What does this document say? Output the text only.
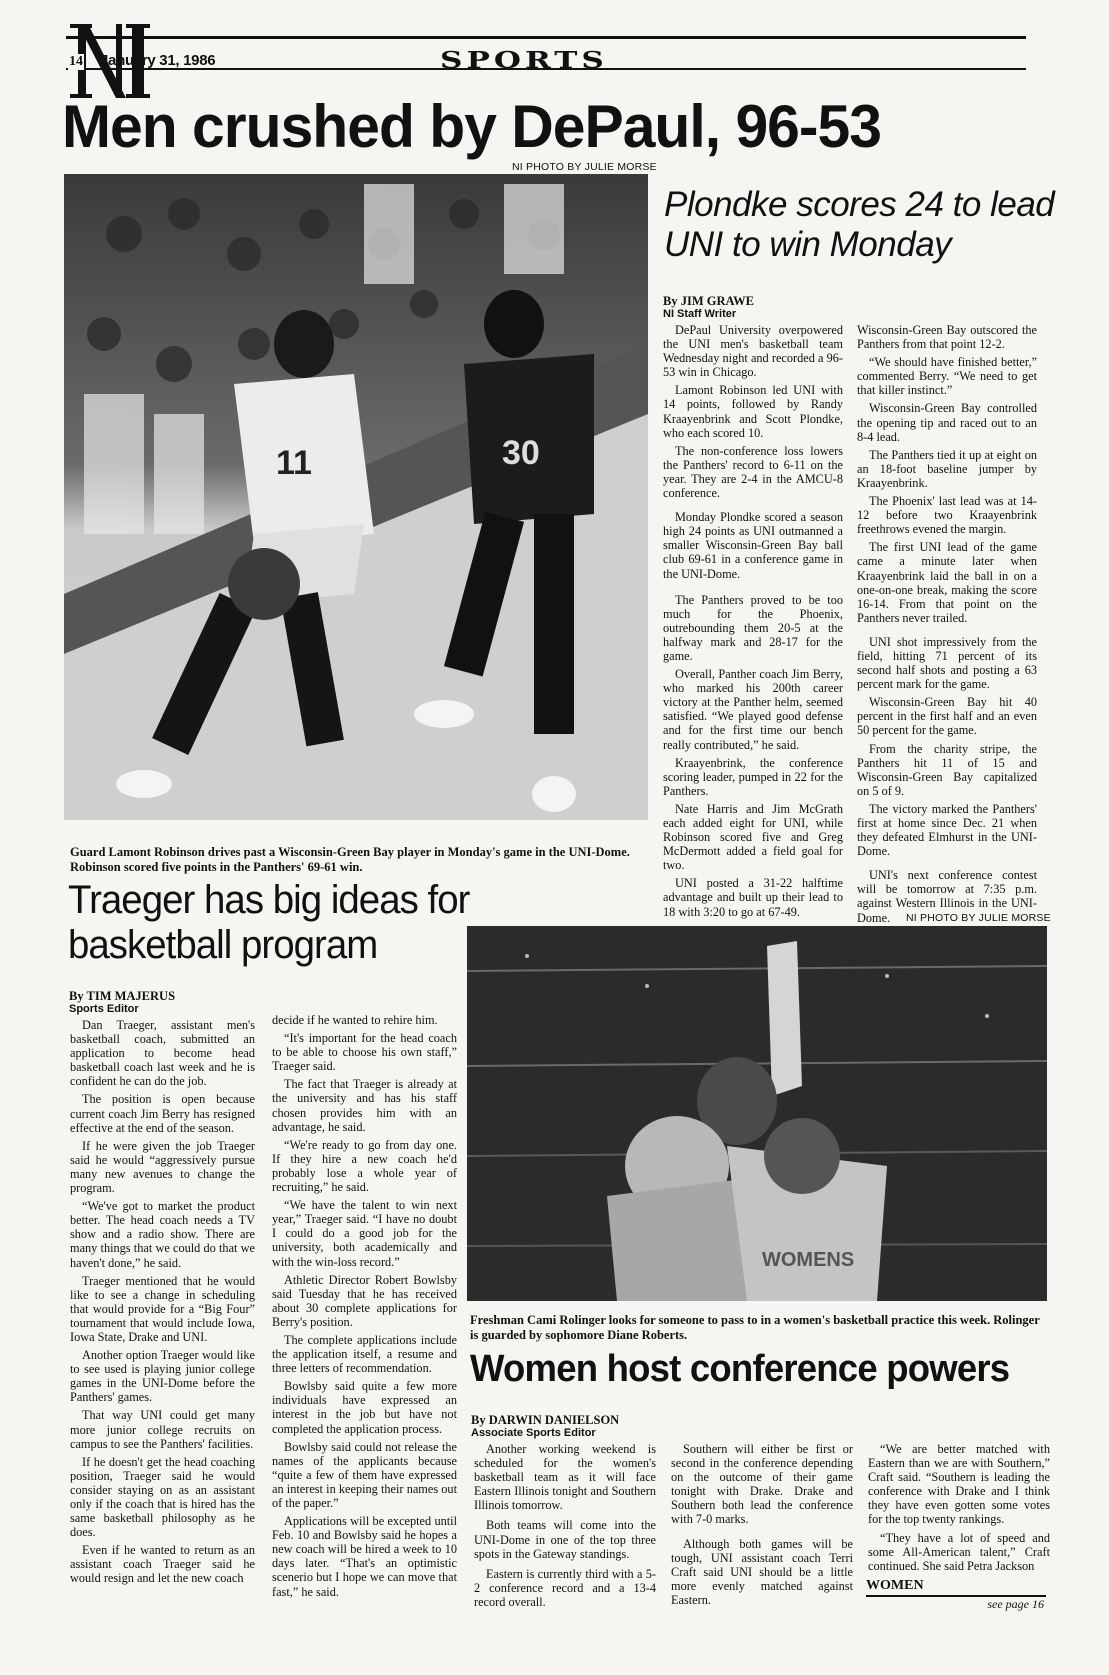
14 January 31, 1986	SPORTS
Men crushed by DePaul, 96-53
NI PHOTO BY JULIE MORSE
11	30
Guard Lamont Robinson drives past a Wisconsin-Green Bay player in Monday's game in the UNI-Dome. Robinson scored five points in the Panthers' 69-61 win.
Plondke scores 24 to lead UNI to win Monday
By JIM GRAWE
NI Staff Writer

DePaul University overpowered the UNI men's basketball team Wednesday night and recorded a 96-53 win in Chicago.

Lamont Robinson led UNI with 14 points, followed by Randy Kraayenbrink and Scott Plondke, who each scored 10.

The non-conference loss lowers the Panthers' record to 6-11 on the year. They are 2-4 in the AMCU-8 conference.

Monday Plondke scored a season high 24 points as UNI outmanned a smaller Wisconsin-Green Bay ball club 69-61 in a conference game in the UNI-Dome.

The Panthers proved to be too much for the Phoenix, outrebounding them 20-5 at the halfway mark and 28-17 for the game.

Overall, Panther coach Jim Berry, who marked his 200th career victory at the Panther helm, seemed satisfied. “We played good defense and for the first time our bench really contributed,” he said.

Kraayenbrink, the conference scoring leader, pumped in 22 for the Panthers.

Nate Harris and Jim McGrath each added eight for UNI, while Robinson scored five and Greg McDermott added a field goal for two.

UNI posted a 31-22 halftime advantage and built up their lead to 18 with 3:20 to go at 67-49.

Wisconsin-Green Bay outscored the Panthers from that point 12-2.

“We should have finished better,” commented Berry. “We need to get that killer instinct.”

Wisconsin-Green Bay controlled the opening tip and raced out to an 8-4 lead.

The Panthers tied it up at eight on an 18-foot baseline jumper by Kraayenbrink.

The Phoenix' last lead was at 14-12 before two Kraayenbrink freethrows evened the margin.

The first UNI lead of the game came a minute later when Kraayenbrink laid the ball in on a one-on-one break, making the score 16-14. From that point on the Panthers never trailed.

UNI shot impressively from the field, hitting 71 percent of its second half shots and posting a 63 percent mark for the game.

Wisconsin-Green Bay hit 40 percent in the first half and an even 50 percent for the game.

From the charity stripe, the Panthers hit 11 of 15 and Wisconsin-Green Bay capitalized on 5 of 9.

The victory marked the Panthers' first at home since Dec. 21 when they defeated Elmhurst in the UNI-Dome.

UNI's next conference contest will be tomorrow at 7:35 p.m. against Western Illinois in the UNI-Dome.

Traeger has big ideas for basketball program
By TIM MAJERUS
Sports Editor

Dan Traeger, assistant men's basketball coach, submitted an application to become head basketball coach last week and he is confident he can do the job.

The position is open because current coach Jim Berry has resigned effective at the end of the season.

If he were given the job Traeger said he would “aggressively pursue many new avenues to change the program.

“We've got to market the product better. The head coach needs a TV show and a radio show. There are many things that we could do that we haven't done,” he said.

Traeger mentioned that he would like to see a change in scheduling that would provide for a “Big Four” tournament that would include Iowa, Iowa State, Drake and UNI.

Another option Traeger would like to see used is playing junior college games in the UNI-Dome before the Panthers' games.

That way UNI could get many more junior college recruits on campus to see the Panthers' facilities.

If he doesn't get the head coaching position, Traeger said he would consider staying on as an assistant only if the coach that is hired has the same basketball philosophy as he does.

Even if he wanted to return as an assistant coach Traeger said he would resign and let the new coach

decide if he wanted to rehire him.

“It's important for the head coach to be able to choose his own staff,” Traeger said.

The fact that Traeger is already at the university and has his staff chosen provides him with an advantage, he said.

“We're ready to go from day one. If they hire a new coach he'd probably lose a whole year of recruiting,” he said.

“We have the talent to win next year,” Traeger said. “I have no doubt I could do a good job for the university, both academically and with the win-loss record.”

Athletic Director Robert Bowlsby said Tuesday that he has received about 30 complete applications for Berry's position.

The complete applications include the application itself, a resume and three letters of recommendation.

Bowlsby said quite a few more individuals have expressed an interest in the job but have not completed the application process.

Bowlsby said could not release the names of the applicants because “quite a few of them have expressed an interest in keeping their names out of the paper.”

Applications will be excepted until Feb. 10 and Bowlsby said he hopes a new coach will be hired a week to 10 days later. “That's an optimistic scenerio but I hope we can move that fast,” he said.

NI PHOTO BY JULIE MORSE
WOMENS
Freshman Cami Rolinger looks for someone to pass to in a women's basketball practice this week. Rolinger is guarded by sophomore Diane Roberts.
Women host conference powers
By DARWIN DANIELSON
Associate Sports Editor

Another working weekend is scheduled for the women's basketball team as it will face Eastern Illinois tonight and Southern Illinois tomorrow.

Both teams will come into the UNI-Dome in one of the top three spots in the Gateway standings.

Eastern is currently third with a 5-2 conference record and a 13-4 record overall.

Southern will either be first or second in the conference depending on the outcome of their game tonight with Drake. Drake and Southern both lead the conference with 7-0 marks.

Although both games will be tough, UNI assistant coach Terri Craft said UNI should be a little more evenly matched against Eastern.

“We are better matched with Eastern than we are with Southern,” Craft said. “Southern is leading the conference with Drake and I think they have even gotten some votes for the top twenty rankings.

“They have a lot of speed and some All-American talent,” Craft continued. She said Petra Jackson

WOMEN
see page 16
